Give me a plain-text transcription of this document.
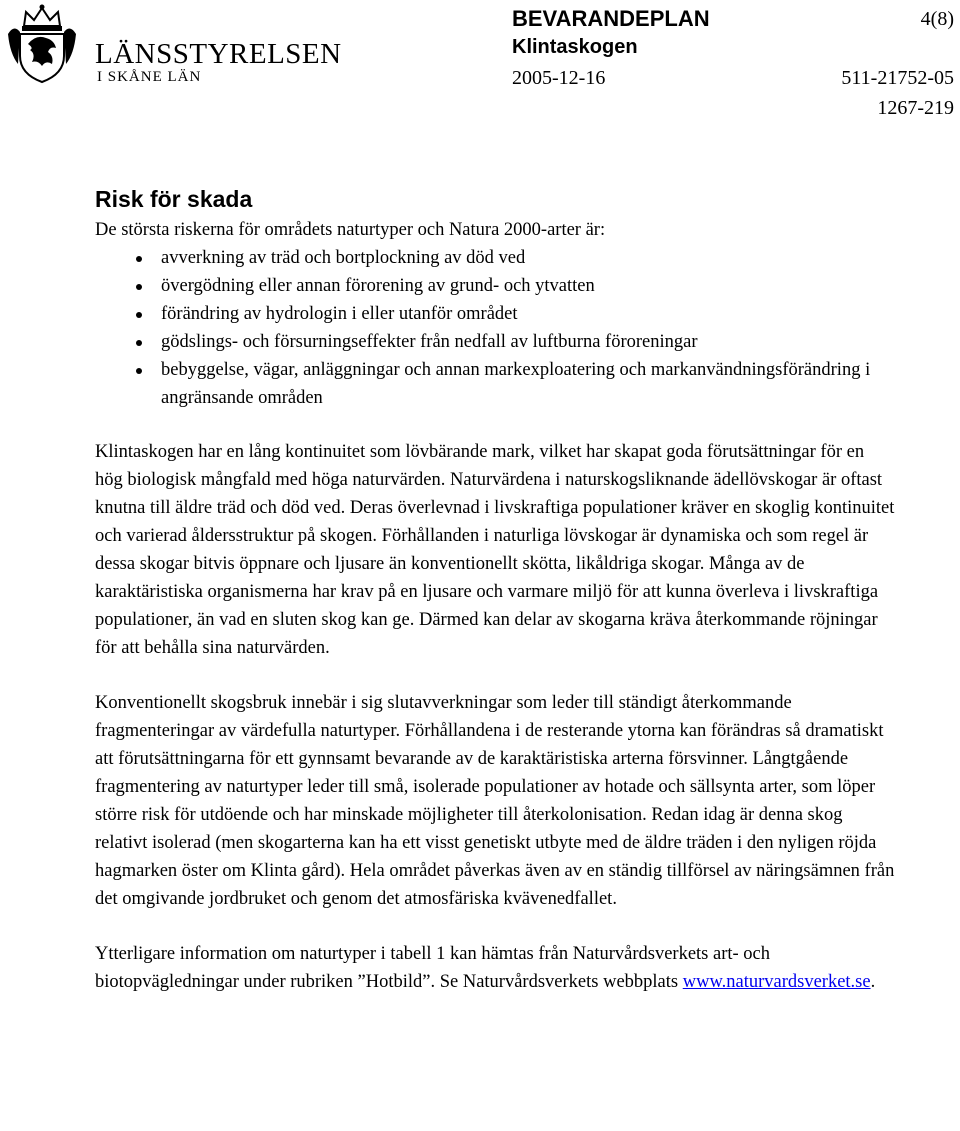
LÄNSSTYRELSEN
I SKÅNE LÄN
BEVARANDEPLAN
Klintaskogen
4(8)
2005-12-16	511-21752-05
1267-219
Risk för skada

De största riskerna för områdets naturtyper och Natura 2000-arter är:

avverkning av träd och bortplockning av död ved
övergödning eller annan förorening av grund- och ytvatten
förändring av hydrologin i eller utanför området
gödslings- och försurningseffekter från nedfall av luftburna föroreningar
bebyggelse, vägar, anläggningar och annan markexploatering och markanvändningsförändring i angränsande områden

Klintaskogen har en lång kontinuitet som lövbärande mark, vilket har skapat goda förutsättningar för en hög biologisk mångfald med höga naturvärden. Naturvärdena i naturskogsliknande ädellövskogar är oftast knutna till äldre träd och död ved. Deras överlevnad i livskraftiga populationer kräver en skoglig kontinuitet och varierad åldersstruktur på skogen. Förhållanden i naturliga lövskogar är dynamiska och som regel är dessa skogar bitvis öppnare och ljusare än konventionellt skötta, likåldriga skogar. Många av de karaktäristiska organismerna har krav på en ljusare och varmare miljö för att kunna överleva i livskraftiga populationer, än vad en sluten skog kan ge. Därmed kan delar av skogarna kräva återkommande röjningar för att behålla sina naturvärden.

Konventionellt skogsbruk innebär i sig slutavverkningar som leder till ständigt återkommande fragmenteringar av värdefulla naturtyper. Förhållandena i de resterande ytorna kan förändras så dramatiskt att förutsättningarna för ett gynnsamt bevarande av de karaktäristiska arterna försvinner. Långtgående fragmentering av naturtyper leder till små, isolerade populationer av hotade och sällsynta arter, som löper större risk för utdöende och har minskade möjligheter till återkolonisation. Redan idag är denna skog relativt isolerad (men skogarterna kan ha ett visst genetiskt utbyte med de äldre träden i den nyligen röjda hagmarken öster om Klinta gård). Hela området påverkas även av en ständig tillförsel av näringsämnen från det omgivande jordbruket och genom det atmosfäriska kvävenedfallet.

Ytterligare information om naturtyper i tabell 1 kan hämtas från Naturvårdsverkets art- och biotopvägledningar under rubriken ”Hotbild”. Se Naturvårdsverkets webbplats www.naturvardsverket.se.
